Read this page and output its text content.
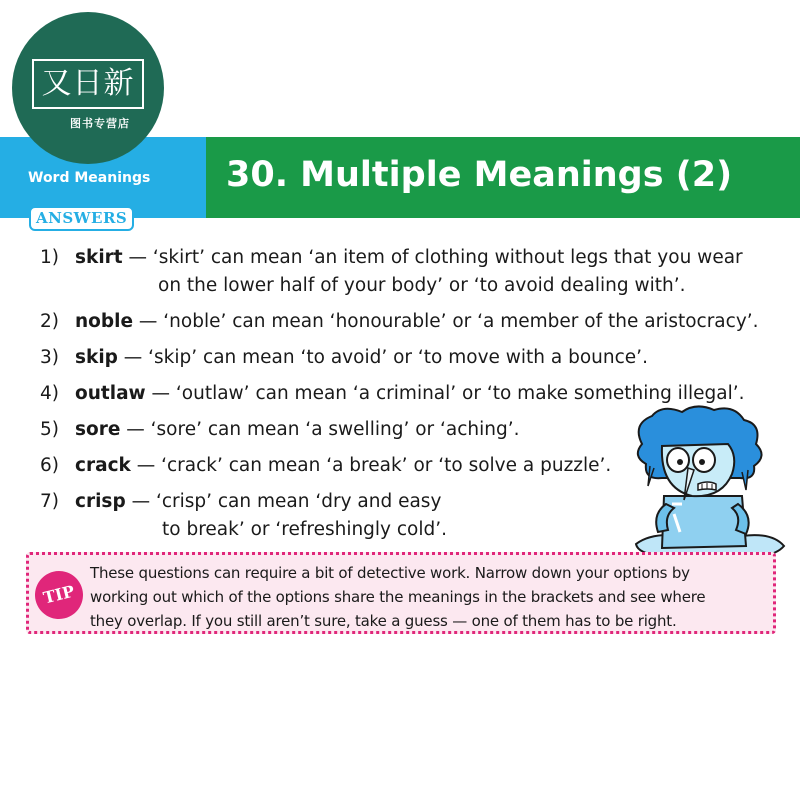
又日新
图书专营店
Word Meanings 30. Multiple Meanings (2)
ANSWERS
1) skirt — ‘skirt’ can mean ‘an item of clothing without legs that you wear
on the lower half of your body’ or ‘to avoid dealing with’.
2) noble — ‘noble’ can mean ‘honourable’ or ‘a member of the aristocracy’.
3) skip — ‘skip’ can mean ‘to avoid’ or ‘to move with a bounce’.
4) outlaw — ‘outlaw’ can mean ‘a criminal’ or ‘to make something illegal’.
5) sore — ‘sore’ can mean ‘a swelling’ or ‘aching’.
6) crack — ‘crack’ can mean ‘a break’ or ‘to solve a puzzle’.
7) crisp — ‘crisp’ can mean ‘dry and easy
to break’ or ‘refreshingly cold’.
TIP
These questions can require a bit of detective work. Narrow down your options by
working out which of the options share the meanings in the brackets and see where
they overlap. If you still aren’t sure, take a guess — one of them has to be right.
